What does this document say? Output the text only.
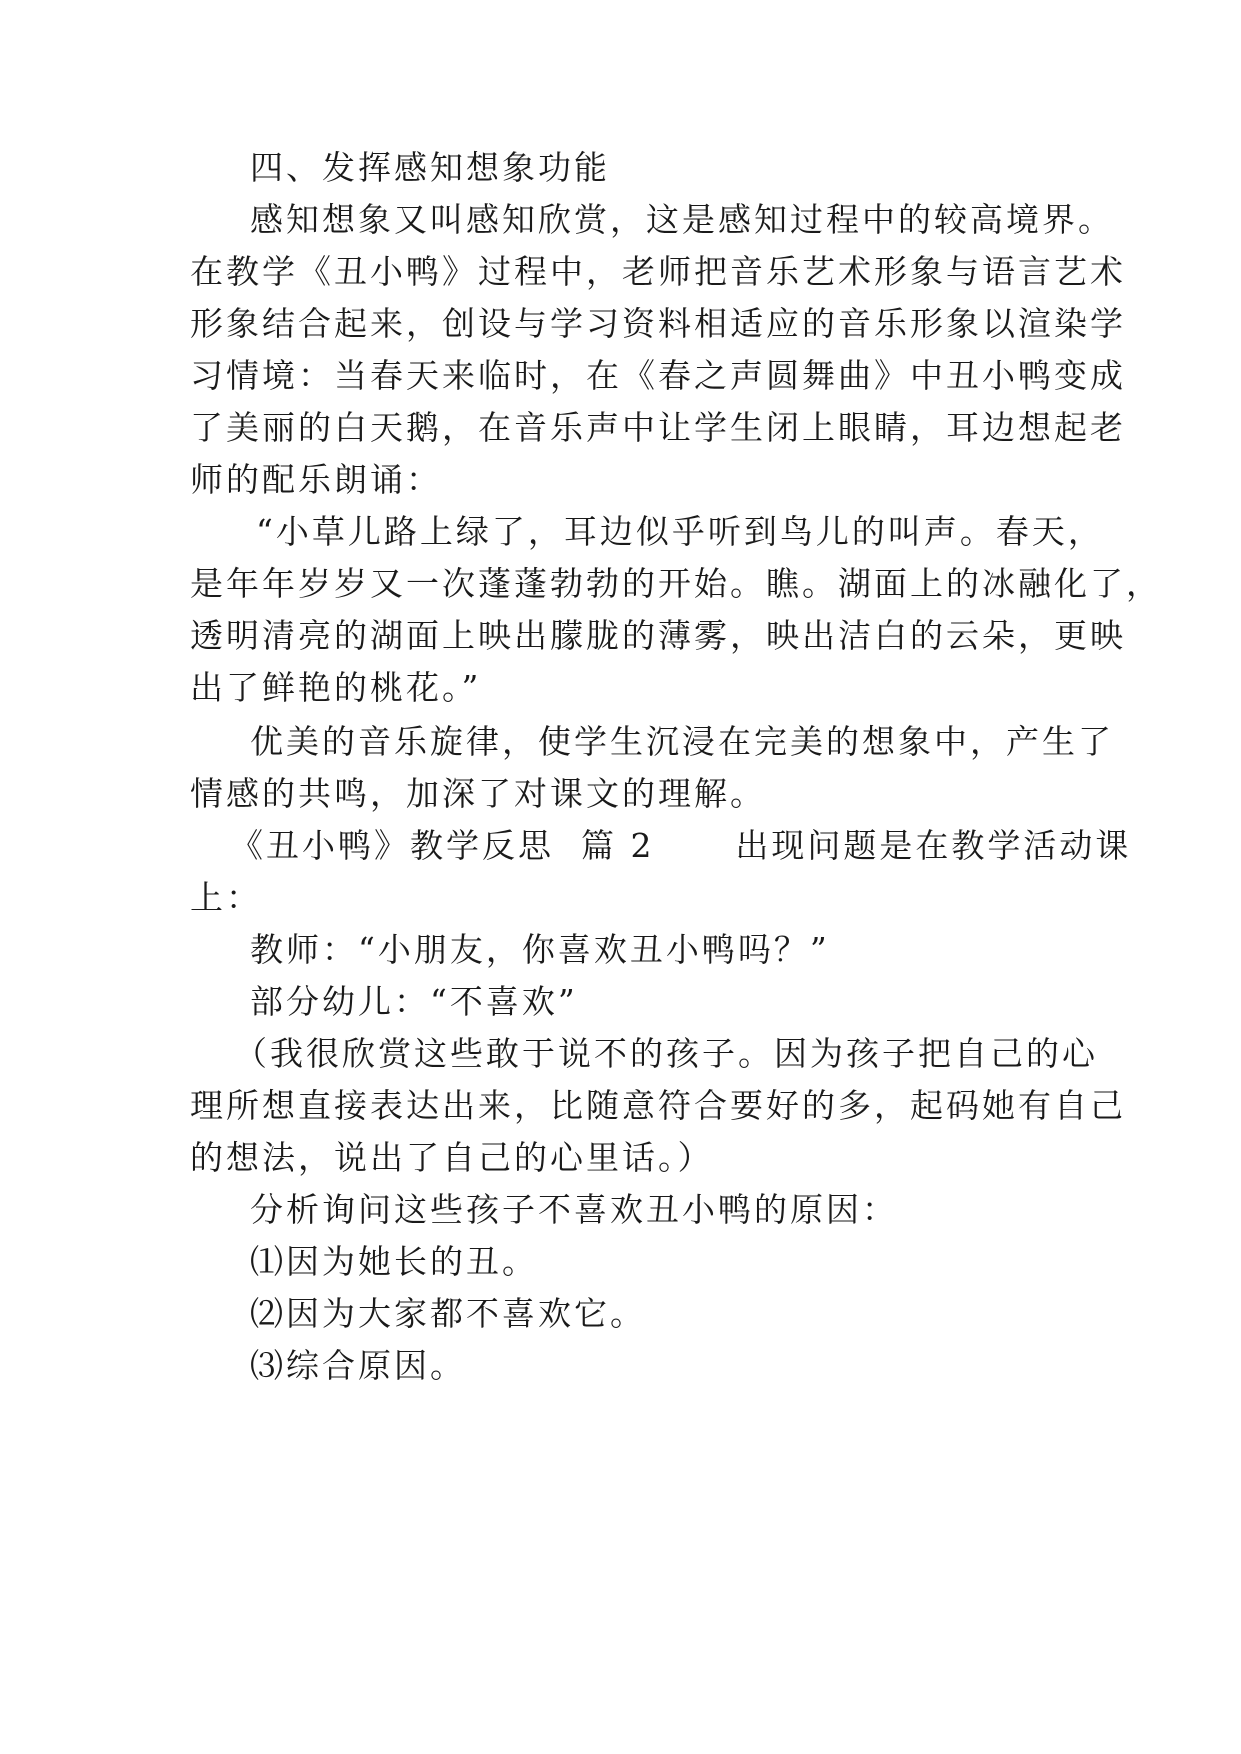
四、发挥感知想象功能
感知想象又叫感知欣赏，这是感知过程中的较高境界。
在教学《丑小鸭》过程中，老师把音乐艺术形象与语言艺术
形象结合起来，创设与学习资料相适应的音乐形象以渲染学
习情境：当春天来临时，在《春之声圆舞曲》中丑小鸭变成
了美丽的白天鹅，在音乐声中让学生闭上眼睛，耳边想起老
师的配乐朗诵：
“小草儿路上绿了，耳边似乎听到鸟儿的叫声。春天，
是年年岁岁又一次蓬蓬勃勃的开始。瞧。湖面上的冰融化了，
透明清亮的湖面上映出朦胧的薄雾，映出洁白的云朵，更映
出了鲜艳的桃花。”
优美的音乐旋律，使学生沉浸在完美的想象中，产生了
情感的共鸣，加深了对课文的理解。
《丑小鸭》教学反思  篇 2      出现问题是在教学活动课
上：
教师：“小朋友，你喜欢丑小鸭吗？”
部分幼儿：“不喜欢”
（我很欣赏这些敢于说不的孩子。因为孩子把自己的心
理所想直接表达出来，比随意符合要好的多，起码她有自己
的想法，说出了自己的心里话。）
分析询问这些孩子不喜欢丑小鸭的原因：
⑴因为她长的丑。
⑵因为大家都不喜欢它。
⑶综合原因。
